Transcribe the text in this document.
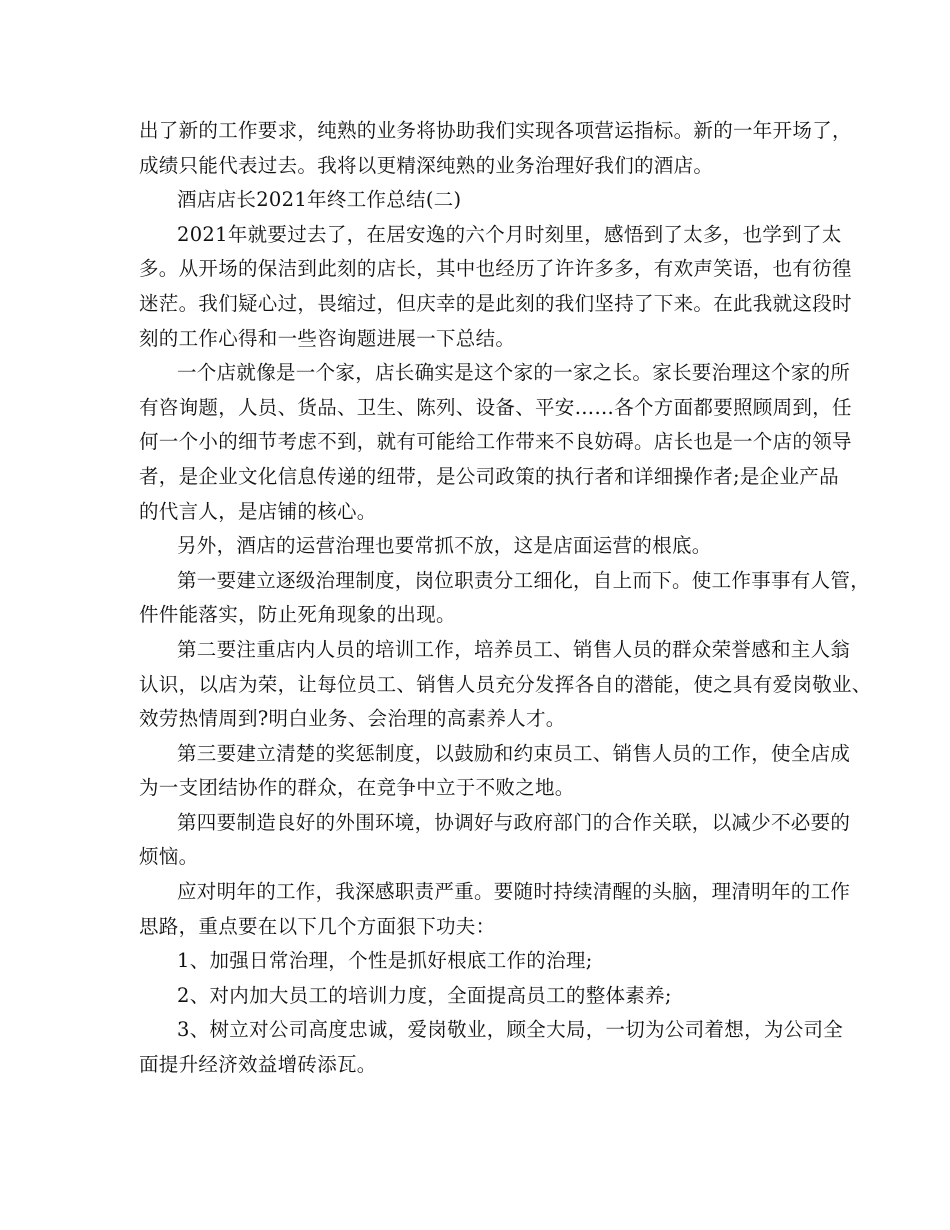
出了新的工作要求，纯熟的业务将协助我们实现各项营运指标。新的一年开场了，
成绩只能代表过去。我将以更精深纯熟的业务治理好我们的酒店。
酒店店长2021年终工作总结(二)
2021年就要过去了，在居安逸的六个月时刻里，感悟到了太多，也学到了太
多。从开场的保洁到此刻的店长，其中也经历了许许多多，有欢声笑语，也有彷徨
迷茫。我们疑心过，畏缩过，但庆幸的是此刻的我们坚持了下来。在此我就这段时
刻的工作心得和一些咨询题进展一下总结。
一个店就像是一个家，店长确实是这个家的一家之长。家长要治理这个家的所
有咨询题，人员、货品、卫生、陈列、设备、平安……各个方面都要照顾周到，任
何一个小的细节考虑不到，就有可能给工作带来不良妨碍。店长也是一个店的领导
者，是企业文化信息传递的纽带，是公司政策的执行者和详细操作者;是企业产品
的代言人，是店铺的核心。
另外，酒店的运营治理也要常抓不放，这是店面运营的根底。
第一要建立逐级治理制度，岗位职责分工细化，自上而下。使工作事事有人管，
件件能落实，防止死角现象的出现。
第二要注重店内人员的培训工作，培养员工、销售人员的群众荣誉感和主人翁
认识，以店为荣，让每位员工、销售人员充分发挥各自的潜能，使之具有爱岗敬业、
效劳热情周到?明白业务、会治理的高素养人才。
第三要建立清楚的奖惩制度，以鼓励和约束员工、销售人员的工作，使全店成
为一支团结协作的群众，在竞争中立于不败之地。
第四要制造良好的外围环境，协调好与政府部门的合作关联，以减少不必要的
烦恼。
应对明年的工作，我深感职责严重。要随时持续清醒的头脑，理清明年的工作
思路，重点要在以下几个方面狠下功夫：
1、加强日常治理，个性是抓好根底工作的治理;
2、对内加大员工的培训力度，全面提高员工的整体素养;
3、树立对公司高度忠诚，爱岗敬业，顾全大局，一切为公司着想，为公司全
面提升经济效益增砖添瓦。
